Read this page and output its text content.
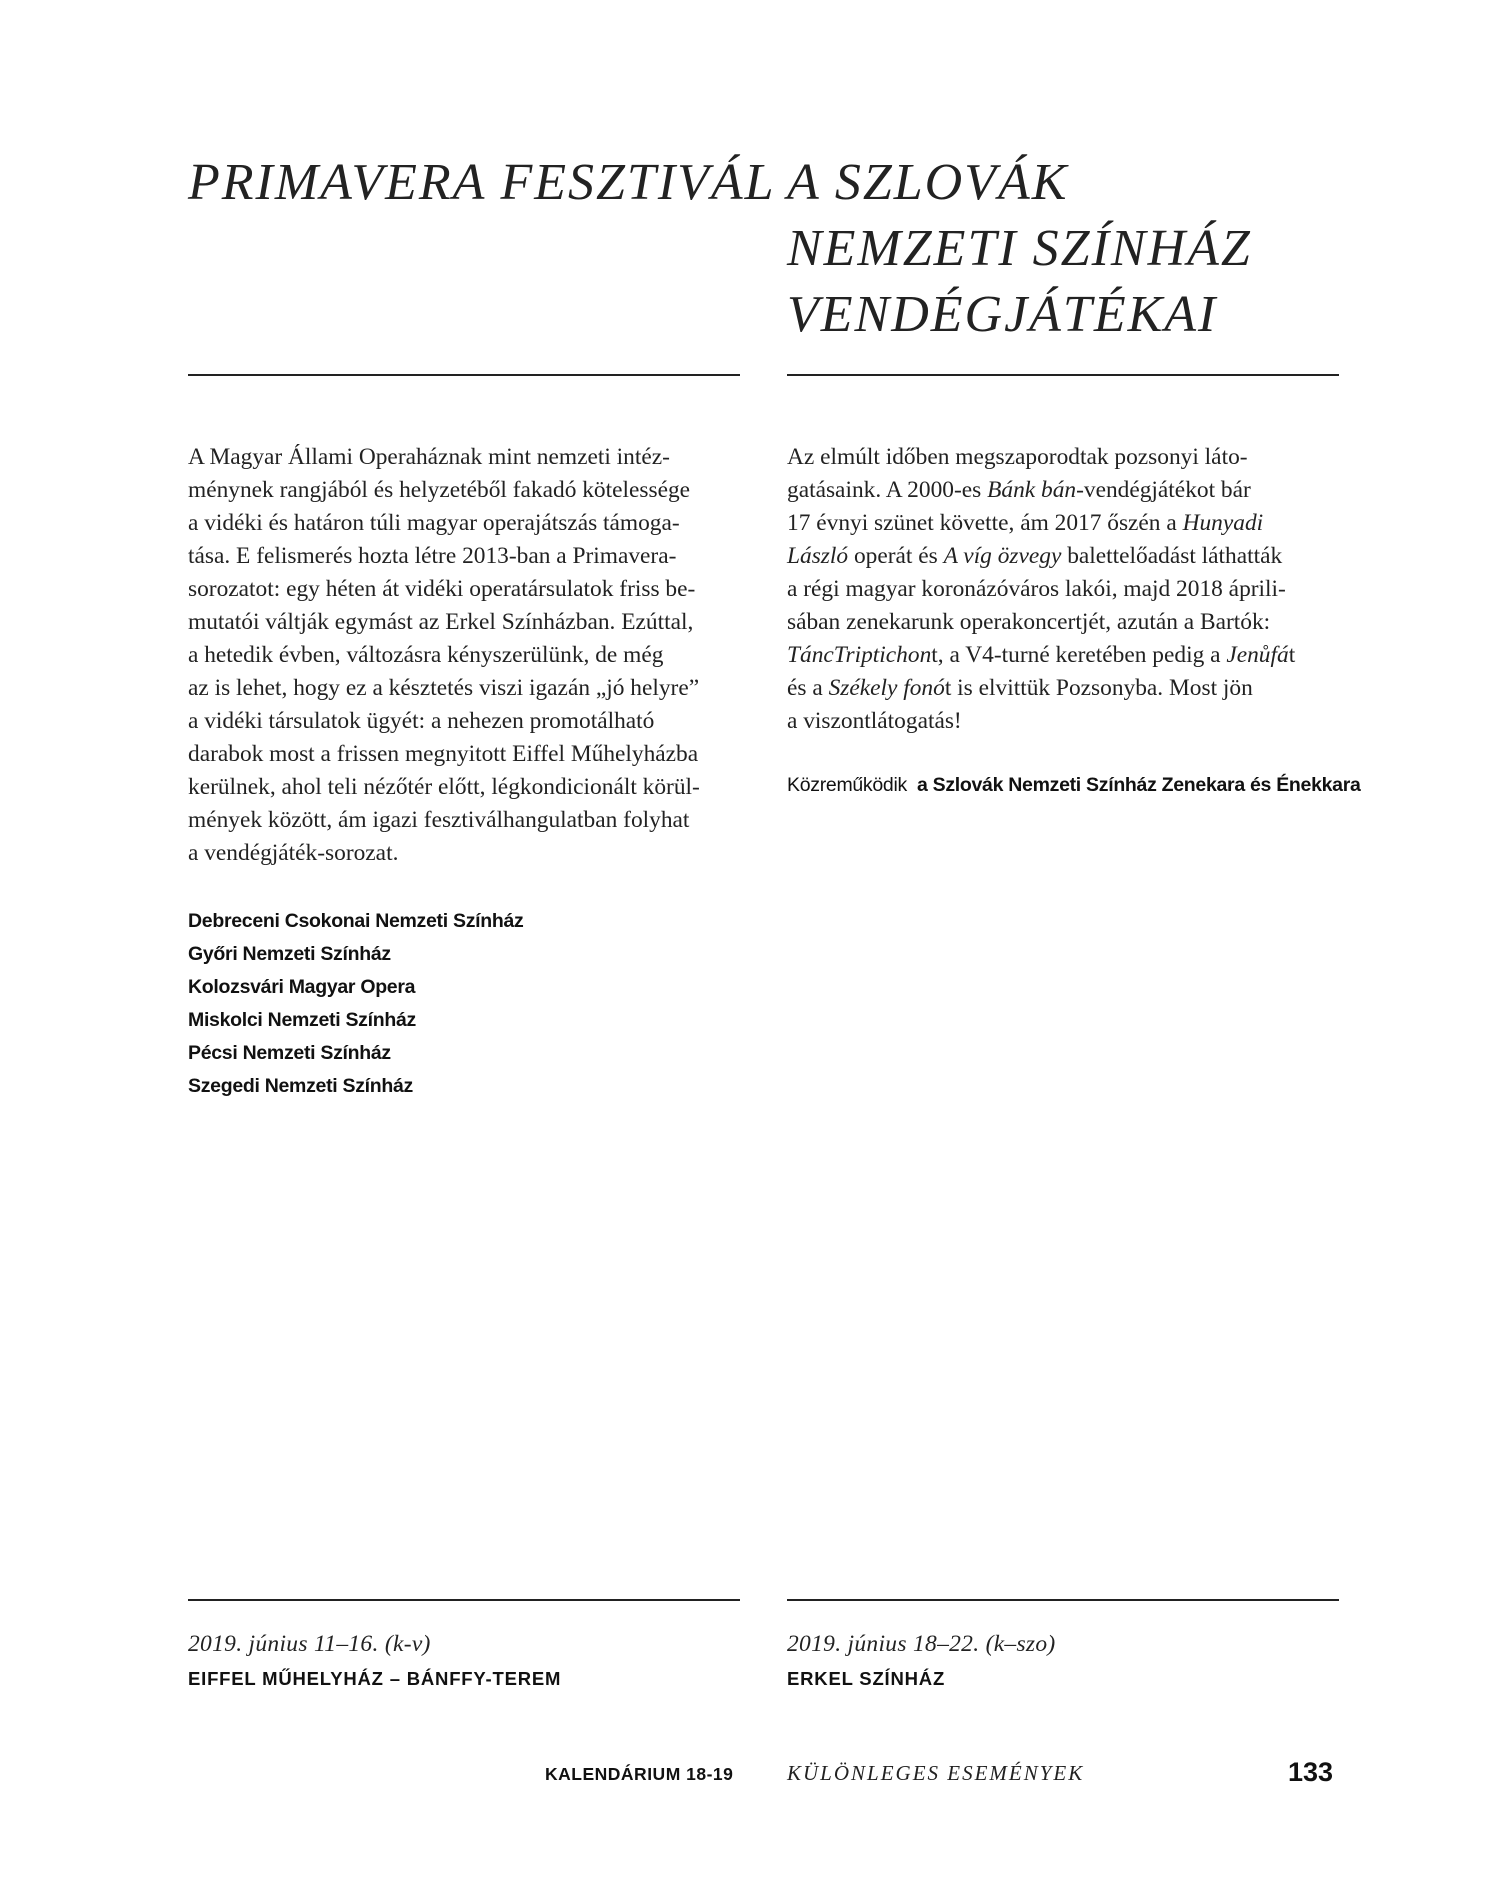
PRIMAVERA FESZTIVÁL

A Magyar Állami Operaháznak mint nemzeti intéz-

ménynek rangjából és helyzetéből fakadó kötelessége

a vidéki és határon túli magyar operajátszás támoga-

tása. E felismerés hozta létre 2013-ban a Primavera-

sorozatot: egy héten át vidéki operatársulatok friss be-

mutatói váltják egymást az Erkel Színházban. Ezúttal,

a hetedik évben, változásra kényszerülünk, de még

az is lehet, hogy ez a késztetés viszi igazán „jó helyre”

a vidéki társulatok ügyét: a nehezen promotálható

darabok most a frissen megnyitott Eiffel Műhelyházba

kerülnek, ahol teli nézőtér előtt, légkondicionált körül-

mények között, ám igazi fesztiválhangulatban folyhat

a vendégjáték-sorozat.

Debreceni Csokonai Nemzeti Színház
Győri Nemzeti Színház
Kolozsvári Magyar Opera
Miskolci Nemzeti Színház
Pécsi Nemzeti Színház
Szegedi Nemzeti Színház
2019. június 11–16. (k-v)
EIFFEL MŰHELYHÁZ – BÁNFFY-TEREM
A SZLOVÁK
NEMZETI SZÍNHÁZ
VENDÉGJÁTÉKAI

Az elmúlt időben megszaporodtak pozsonyi láto-

gatásaink. A 2000-es Bánk bán-vendégjátékot bár

17 évnyi szünet követte, ám 2017 őszén a Hunyadi

László operát és A víg özvegy balettelőadást láthatták

a régi magyar koronázóváros lakói, majd 2018 áprili-

sában zenekarunk operakoncertjét, azután a Bartók:

TáncTriptichont, a V4-turné keretében pedig a Jenůfát

és a Székely fonót is elvittük Pozsonyba. Most jön

a viszontlátogatás!

Közreműködik a Szlovák Nemzeti Színház Zenekara és Énekkara
2019. június 18–22. (k–szo)
ERKEL SZÍNHÁZ
KALENDÁRIUM 18-19	KÜLÖNLEGES ESEMÉNYEK	133
